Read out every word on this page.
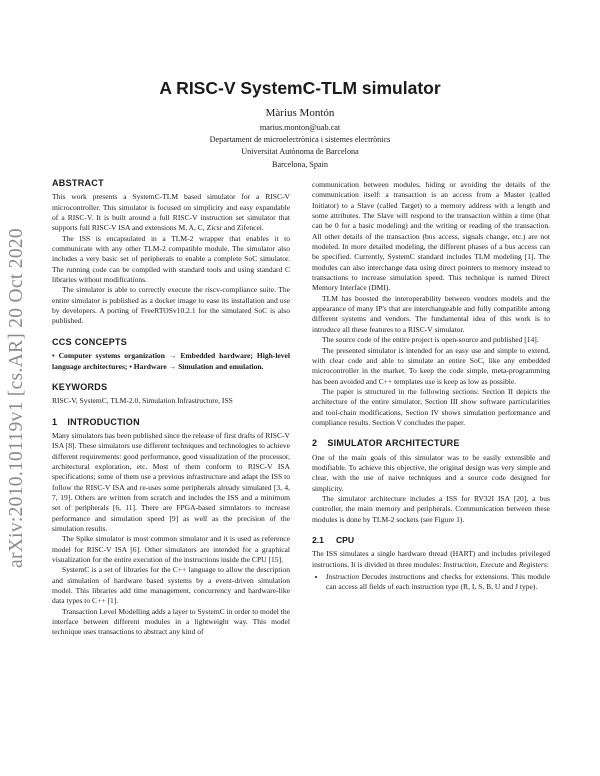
arXiv:2010.10119v1 [cs.AR] 20 Oct 2020
A RISC-V SystemC-TLM simulator
Màrius Montón
marius.monton@uab.cat
Departament de microelectrònica i sistemes electrònics
Universitat Autònoma de Barcelona
Barcelona, Spain
ABSTRACT

This work presents a SystemC-TLM based simulator for a RISC-V microcontroller. This simulator is focused on simplicity and easy expandable of a RISC-V. It is built around a full RISC-V instruction set simulator that supports full RISC-V ISA and extensions M, A, C, Zicsr and Zifencei.

The ISS is encapsulated in a TLM-2 wrapper that enables it to communicate with any other TLM-2 compatible module. The simulator also includes a very basic set of peripherals to enable a complete SoC simulator. The running code can be compiled with standard tools and using standard C libraries without modifications.

The simulator is able to correctly execute the riscv-compliance suite. The entire simulator is published as a docker image to ease its installation and use by developers. A porting of FreeRTOSv10.2.1 for the simulated SoC is also published.

CCS CONCEPTS

• Computer systems organization → Embedded hardware; High-level language architectures; • Hardware → Simulation and emulation.

KEYWORDS

RISC-V, SystemC, TLM-2.0, Simulation Infrastructure, ISS

1 INTRODUCTION

Many simulators has been published since the release of first drafts of RISC-V ISA [8]. These simulators use different techniques and technologies to achieve different requirements: good performance, good visualization of the processor, architectural exploration, etc. Most of them conform to RISC-V ISA specifications; some of them use a previous infrastructure and adapt the ISS to follow the RISC-V ISA and re-uses some peripherals already simulated [3, 4, 7, 19]. Others are written from scratch and includes the ISS and a minimum set of peripherals [6, 11]. There are FPGA-based simulators to increase performance and simulation speed [9] as well as the precision of the simulation results.

The Spike simulator is most common simulator and it is used as reference model for RISC-V ISA [6]. Other simulators are intended for a graphical visualization for the entire execution of the instructions inside the CPU [15].

SystemC is a set of libraries for the C++ language to allow the description and simulation of hardware based systems by a event-driven simulation model. This libraries add time management, concurrency and hardware-like data types to C++ [1].

Transaction Level Modelling adds a layer to SystemC in order to model the interface between different modules in a lightweight way. This model technique uses transactions to abstract any kind of

communication between modules, hiding or avoiding the details of the communication itself: a transaction is an access from a Master (called Initiator) to a Slave (called Target) to a memory address with a length and some attributes. The Slave will respond to the transaction within a time (that can be 0 for a basic modeling) and the writing or reading of the transaction. All other details of the transaction (bus access, signals change, etc.) are not modeled. In more detailed modeling, the different phases of a bus access can be specified. Currently, SystemC standard includes TLM modeling [1]. The modules can also interchange data using direct pointers to memory instead to transactions to increase simulation speed. This technique is named Direct Memory Interface (DMI).

TLM has boosted the interoperability between vendors models and the appearance of many IP's that are interchangeable and fully compatible among different systems and vendors. The fundamental idea of this work is to introduce all these features to a RISC-V simulator.

The source code of the entire project is open-source and published [14].

The presented simulator is intended for an easy use and simple to extend, with clear code and able to simulate an entire SoC, like any embedded microcontroller in the market. To keep the code simple, meta-programming has been avoided and C++ templates use is keep as low as possible.

The paper is structured in the following sections: Section II depicts the architecture of the entire simulator, Section III show software particularities and tool-chain modifications, Section IV shows simulation performance and compliance results. Section V concludes the paper.

2 SIMULATOR ARCHITECTURE

One of the main goals of this simulator was to be easily extensible and modifiable. To achieve this objective, the original design was very simple and clear, with the use of naive techniques and a source code designed for simplicity.

The simulator architecture includes a ISS for RV32I ISA [20], a bus controller, the main memory and peripherals. Communication between these modules is done by TLM-2 sockets (see Figure 1).

2.1 CPU

The ISS simulates a single hardware thread (HART) and includes privileged instructions. It is divided in three modules: Instruction, Execute and Registers:

• Instruction Decodes instructions and checks for extensions. This module can access all fields of each instruction type (R, I, S, B, U and J type).
